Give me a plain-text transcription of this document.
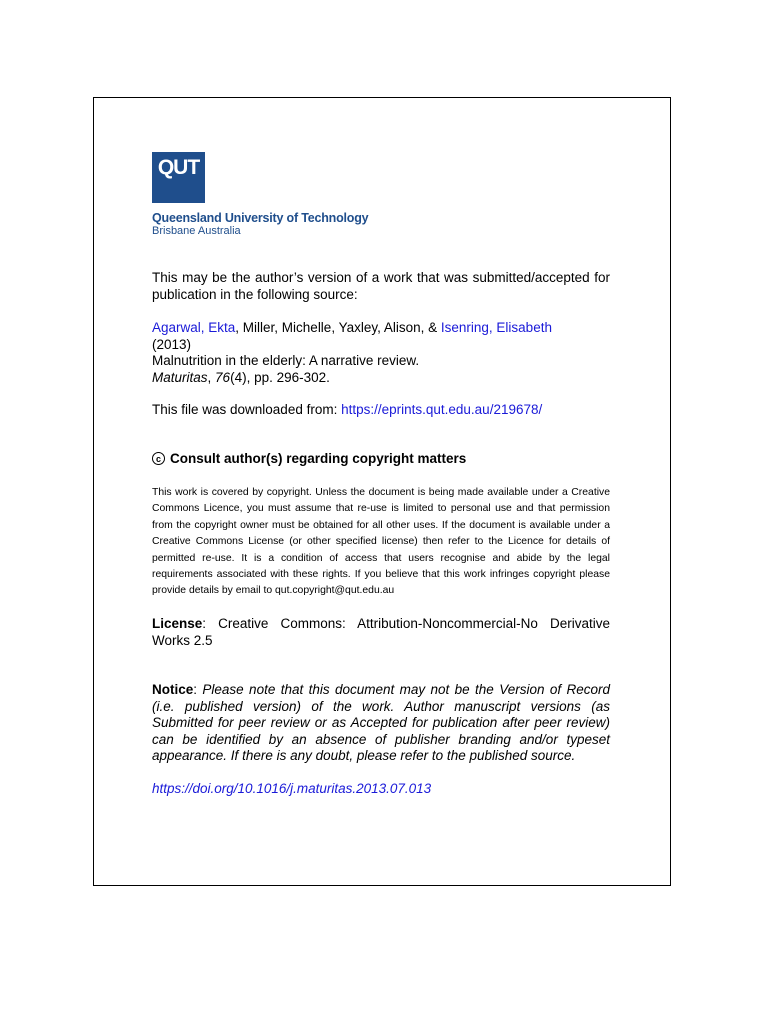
QUT
Queensland University of Technology
Brisbane Australia
This may be the author’s version of a work that was submitted/accepted for publication in the following source:
Agarwal, Ekta, Miller, Michelle, Yaxley, Alison, & Isenring, Elisabeth
(2013)
Malnutrition in the elderly: A narrative review.
Maturitas, 76(4), pp. 296-302.
This file was downloaded from: https://eprints.qut.edu.au/219678/
c Consult author(s) regarding copyright matters
This work is covered by copyright. Unless the document is being made available under a Creative Commons Licence, you must assume that re-use is limited to personal use and that permission from the copyright owner must be obtained for all other uses. If the document is available under a Creative Commons License (or other specified license) then refer to the Licence for details of permitted re-use. It is a condition of access that users recognise and abide by the legal requirements associated with these rights. If you believe that this work infringes copyright please provide details by email to qut.copyright@qut.edu.au
License: Creative Commons: Attribution-Noncommercial-No Derivative Works 2.5
Notice: Please note that this document may not be the Version of Record (i.e. published version) of the work. Author manuscript versions (as Submitted for peer review or as Accepted for publication after peer review) can be identified by an absence of publisher branding and/or typeset appearance. If there is any doubt, please refer to the published source.
https://doi.org/10.1016/j.maturitas.2013.07.013
